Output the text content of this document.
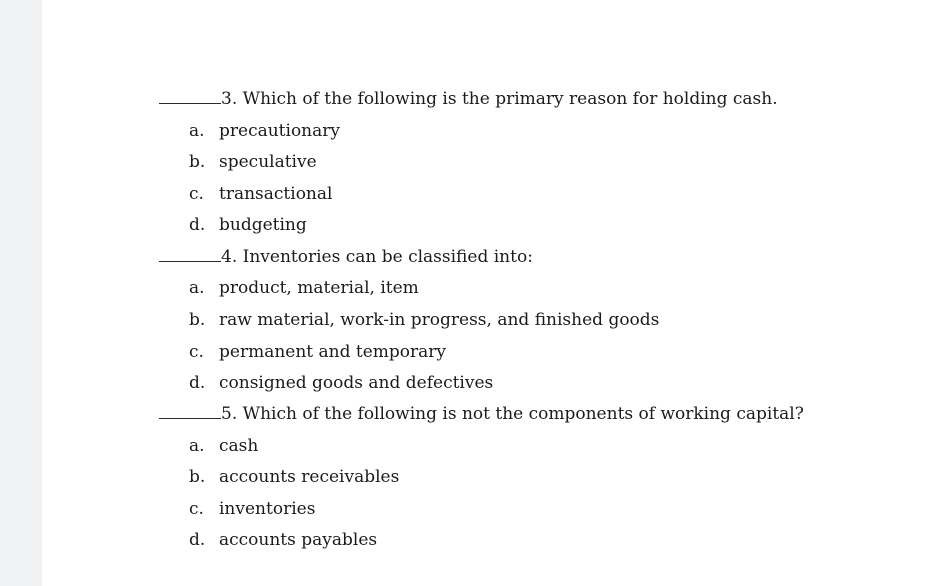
3. Which of the following is the primary reason for holding cash.
a. precautionary
b. speculative
c. transactional
d. budgeting
4. Inventories can be classified into:
a. product, material, item
b. raw material, work-in progress, and finished goods
c. permanent and temporary
d. consigned goods and defectives
5. Which of the following is not the components of working capital?
a. cash
b. accounts receivables
c. inventories
d. accounts payables
